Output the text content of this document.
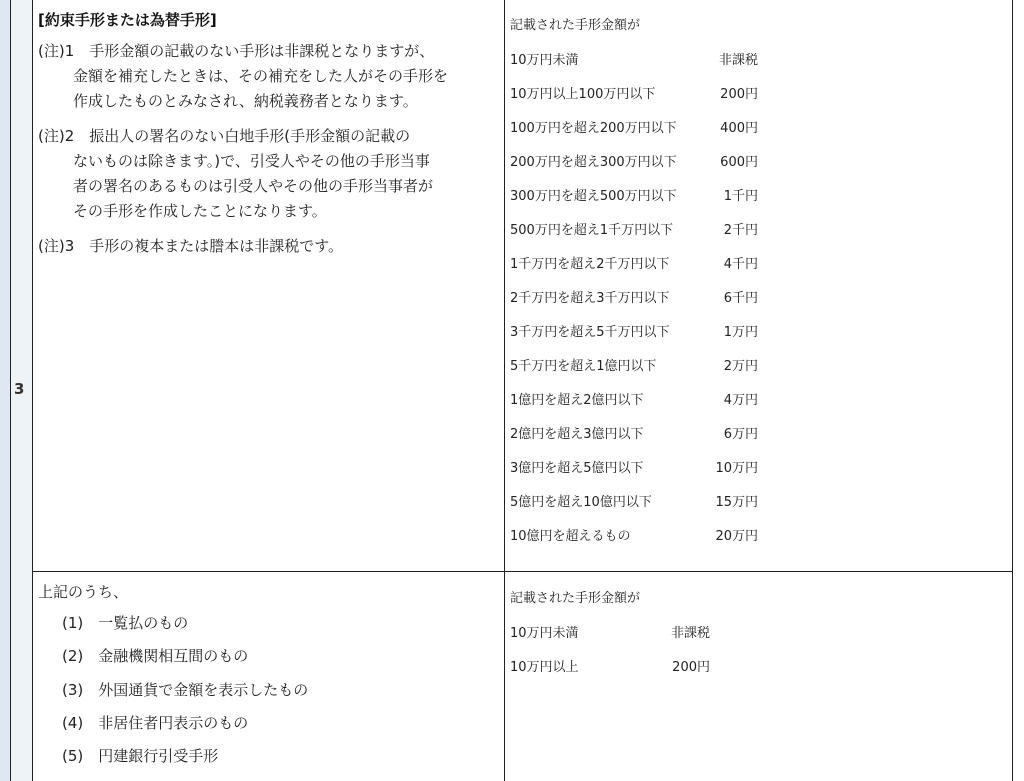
3
[約束手形または為替手形]
(注)1　手形金額の記載のない手形は非課税となりますが、
金額を補充したときは、その補充をした人がその手形を
作成したものとみなされ、納税義務者となります。
(注)2　振出人の署名のない白地手形(手形金額の記載の
ないものは除きます。)で、引受人やその他の手形当事
者の署名のあるものは引受人やその他の手形当事者が
その手形を作成したことになります。
(注)3　手形の複本または謄本は非課税です。
記載された手形金額が
10万円未満	非課税
10万円以上100万円以下	200円
100万円を超え200万円以下	400円
200万円を超え300万円以下	600円
300万円を超え500万円以下	1千円
500万円を超え1千万円以下	2千円
1千万円を超え2千万円以下	4千円
2千万円を超え3千万円以下	6千円
3千万円を超え5千万円以下	1万円
5千万円を超え1億円以下	2万円
1億円を超え2億円以下	4万円
2億円を超え3億円以下	6万円
3億円を超え5億円以下	10万円
5億円を超え10億円以下	15万円
10億円を超えるもの	20万円
上記のうち、
(1)　一覧払のもの
(2)　金融機関相互間のもの
(3)　外国通貨で金額を表示したもの
(4)　非居住者円表示のもの
(5)　円建銀行引受手形
記載された手形金額が
10万円未満	非課税
10万円以上	200円
